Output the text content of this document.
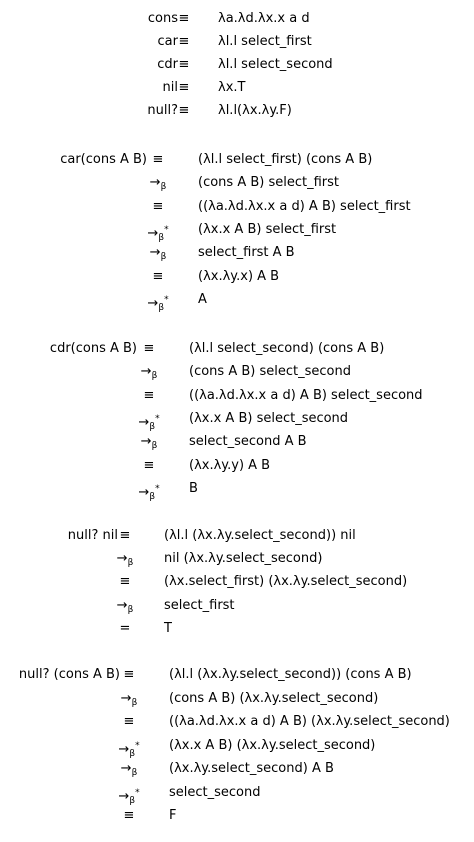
cons ≡	λa.λd.λx.x a d
car ≡	λl.l select_first
cdr ≡	λl.l select_second
nil ≡	λx.T
null? ≡	λl.l(λx.λy.F)
car(cons A B) ≡	(λl.l select_first) (cons A B)
$\to_\beta$	(cons A B) select_first
≡	((λa.λd.λx.x a d) A B) select_first
$\to_\beta^*$ (λx.x A B) select_first
$\to_\beta$	select_first A B
≡	(λx.λy.x) A B
$\to_\beta^*$ A
cdr(cons A B) ≡	(λl.l select_second) (cons A B)
$\to_\beta$	(cons A B) select_second
≡	((λa.λd.λx.x a d) A B) select_second
$\to_\beta^*$ (λx.x A B) select_second
$\to_\beta$	select_second A B
≡	(λx.λy.y) A B
$\to_\beta^*$ B
null? nil ≡	(λl.l (λx.λy.select_second)) nil
$\to_\beta$	nil (λx.λy.select_second)
≡	(λx.select_first) (λx.λy.select_second)
$\to_\beta$	select_first
=	T
null? (cons A B) ≡	(λl.l (λx.λy.select_second)) (cons A B)
$\to_\beta$	(cons A B) (λx.λy.select_second)
≡	((λa.λd.λx.x a d) A B) (λx.λy.select_second)
$\to_\beta^*$ (λx.x A B) (λx.λy.select_second)
$\to_\beta$	(λx.λy.select_second) A B
$\to_\beta^*$ select_second
≡	F
